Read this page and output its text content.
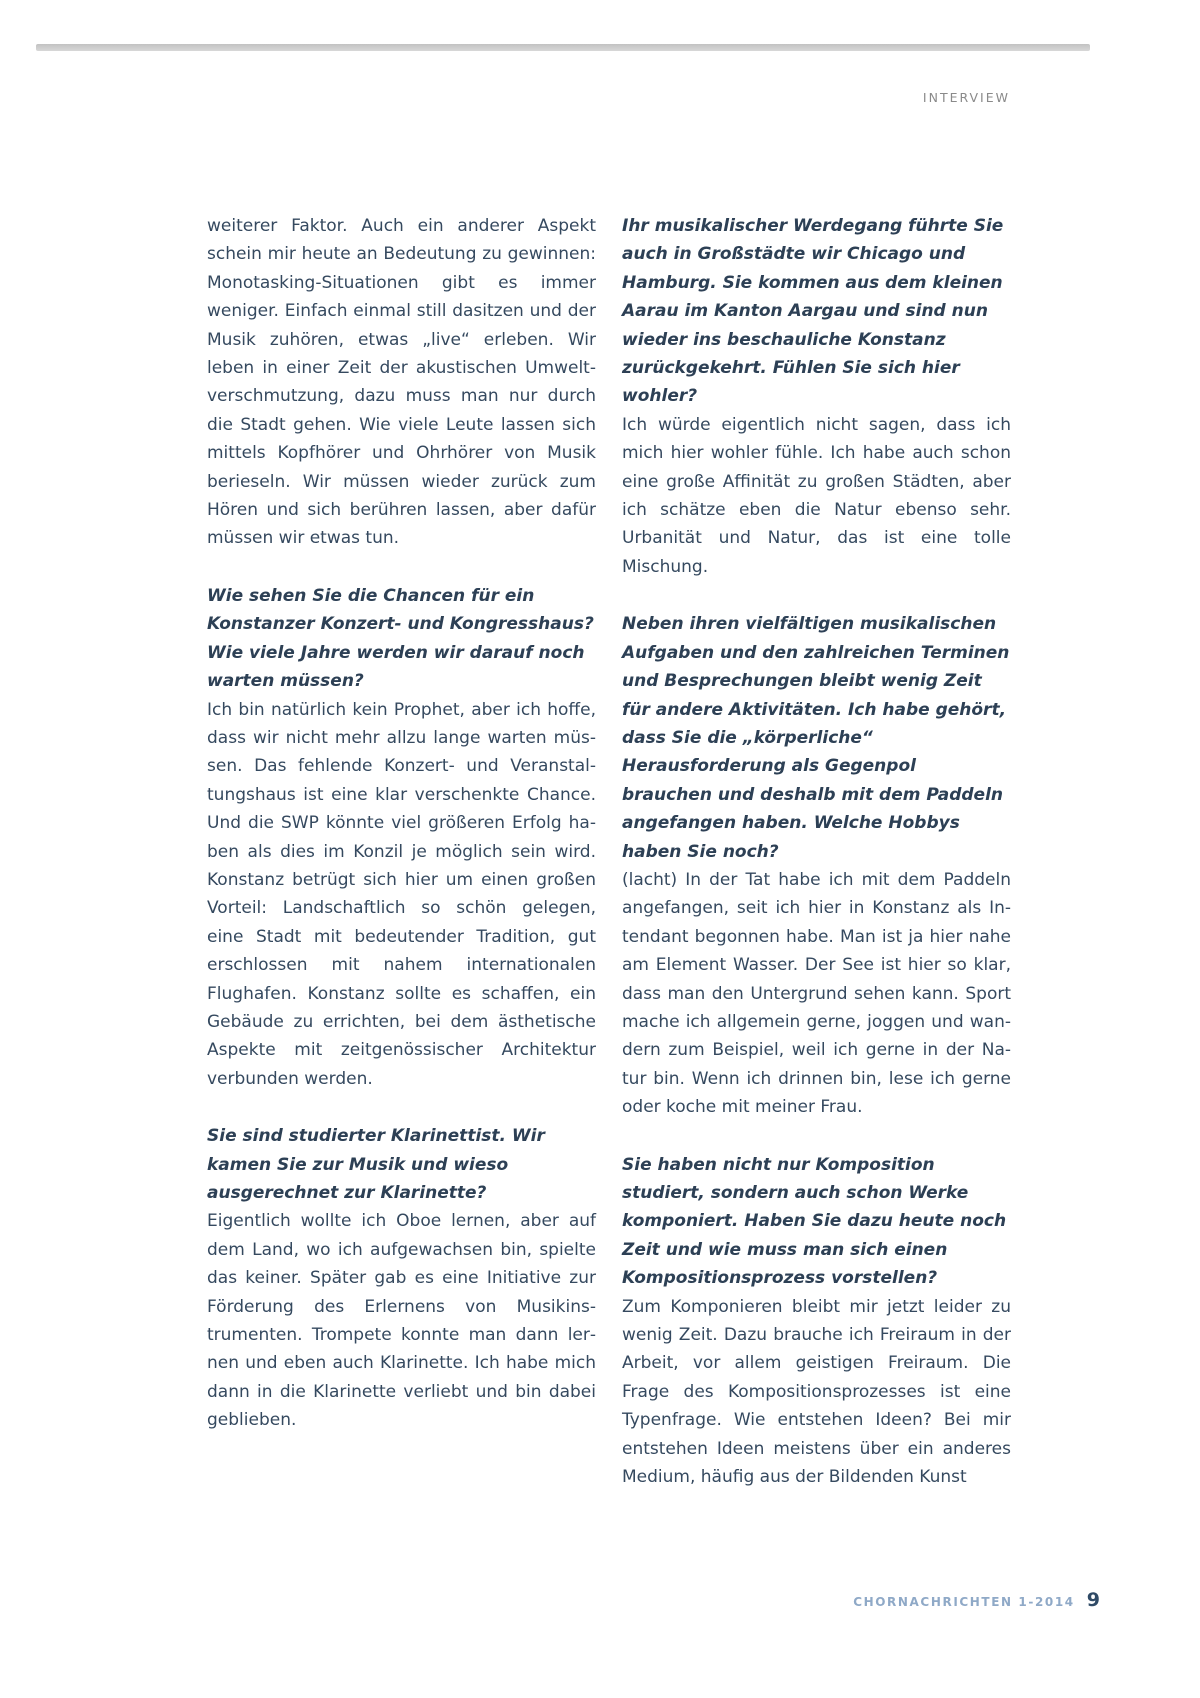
INTERVIEW

weiterer Faktor. Auch ein anderer Aspekt schein mir heute an Bedeutung zu gewinnen: Monotasking-Situationen gibt es immer weniger. Einfach einmal still dasitzen und der Musik zuhören, etwas „live“ erleben. Wir leben in einer Zeit der akustischen Umweltverschmutzung, dazu muss man nur durch die Stadt gehen. Wie viele Leute lassen sich mittels Kopfhörer und Ohrhörer von Musik berieseln. Wir müssen wieder zurück zum Hören und sich berühren lassen, aber dafür müssen wir etwas tun.

Wie sehen Sie die Chancen für ein Konstanzer Konzert- und Kongresshaus? Wie viele Jahre werden wir darauf noch warten müssen?

Ich bin natürlich kein Prophet, aber ich hoffe, dass wir nicht mehr allzu lange warten müssen. Das fehlende Konzert- und Veranstaltungshaus ist eine klar verschenkte Chance. Und die SWP könnte viel größeren Erfolg haben als dies im Konzil je möglich sein wird. Konstanz betrügt sich hier um einen großen Vorteil: Landschaftlich so schön gelegen, eine Stadt mit bedeutender Tradition, gut erschlossen mit nahem internationalen Flughafen. Konstanz sollte es schaffen, ein Gebäude zu errichten, bei dem ästhetische Aspekte mit zeitgenössischer Architektur verbunden werden.

Sie sind studierter Klarinettist. Wir kamen Sie zur Musik und wieso ausgerechnet zur Klarinette?

Eigentlich wollte ich Oboe lernen, aber auf dem Land, wo ich aufgewachsen bin, spielte das keiner. Später gab es eine Initiative zur Förderung des Erlernens von Musikinstrumenten. Trompete konnte man dann lernen und eben auch Klarinette. Ich habe mich dann in die Klarinette verliebt und bin dabei geblieben.

Ihr musikalischer Werdegang führte Sie auch in Großstädte wir Chicago und Hamburg. Sie kommen aus dem kleinen Aarau im Kanton Aargau und sind nun wieder ins beschauliche Konstanz zurückgekehrt. Fühlen Sie sich hier wohler?

Ich würde eigentlich nicht sagen, dass ich mich hier wohler fühle. Ich habe auch schon eine große Affinität zu großen Städten, aber ich schätze eben die Natur ebenso sehr. Urbanität und Natur, das ist eine tolle Mischung.

Neben ihren vielfältigen musikalischen Aufgaben und den zahlreichen Terminen und Besprechungen bleibt wenig Zeit für andere Aktivitäten. Ich habe gehört, dass Sie die „körperliche“ Herausforderung als Gegenpol brauchen und deshalb mit dem Paddeln angefangen haben. Welche Hobbys haben Sie noch?

(lacht) In der Tat habe ich mit dem Paddeln angefangen, seit ich hier in Konstanz als Intendant begonnen habe. Man ist ja hier nahe am Element Wasser. Der See ist hier so klar, dass man den Untergrund sehen kann. Sport mache ich allgemein gerne, joggen und wandern zum Beispiel, weil ich gerne in der Natur bin. Wenn ich drinnen bin, lese ich gerne oder koche mit meiner Frau.

Sie haben nicht nur Komposition studiert, sondern auch schon Werke komponiert. Haben Sie dazu heute noch Zeit und wie muss man sich einen Kompositionsprozess vorstellen?

Zum Komponieren bleibt mir jetzt leider zu wenig Zeit. Dazu brauche ich Freiraum in der Arbeit, vor allem geistigen Freiraum. Die Frage des Kompositionsprozesses ist eine Typenfrage. Wie entstehen Ideen? Bei mir entstehen Ideen meistens über ein anderes Medium, häufig aus der Bildenden Kunst

CHORNACHRICHTEN 1-2014 9
